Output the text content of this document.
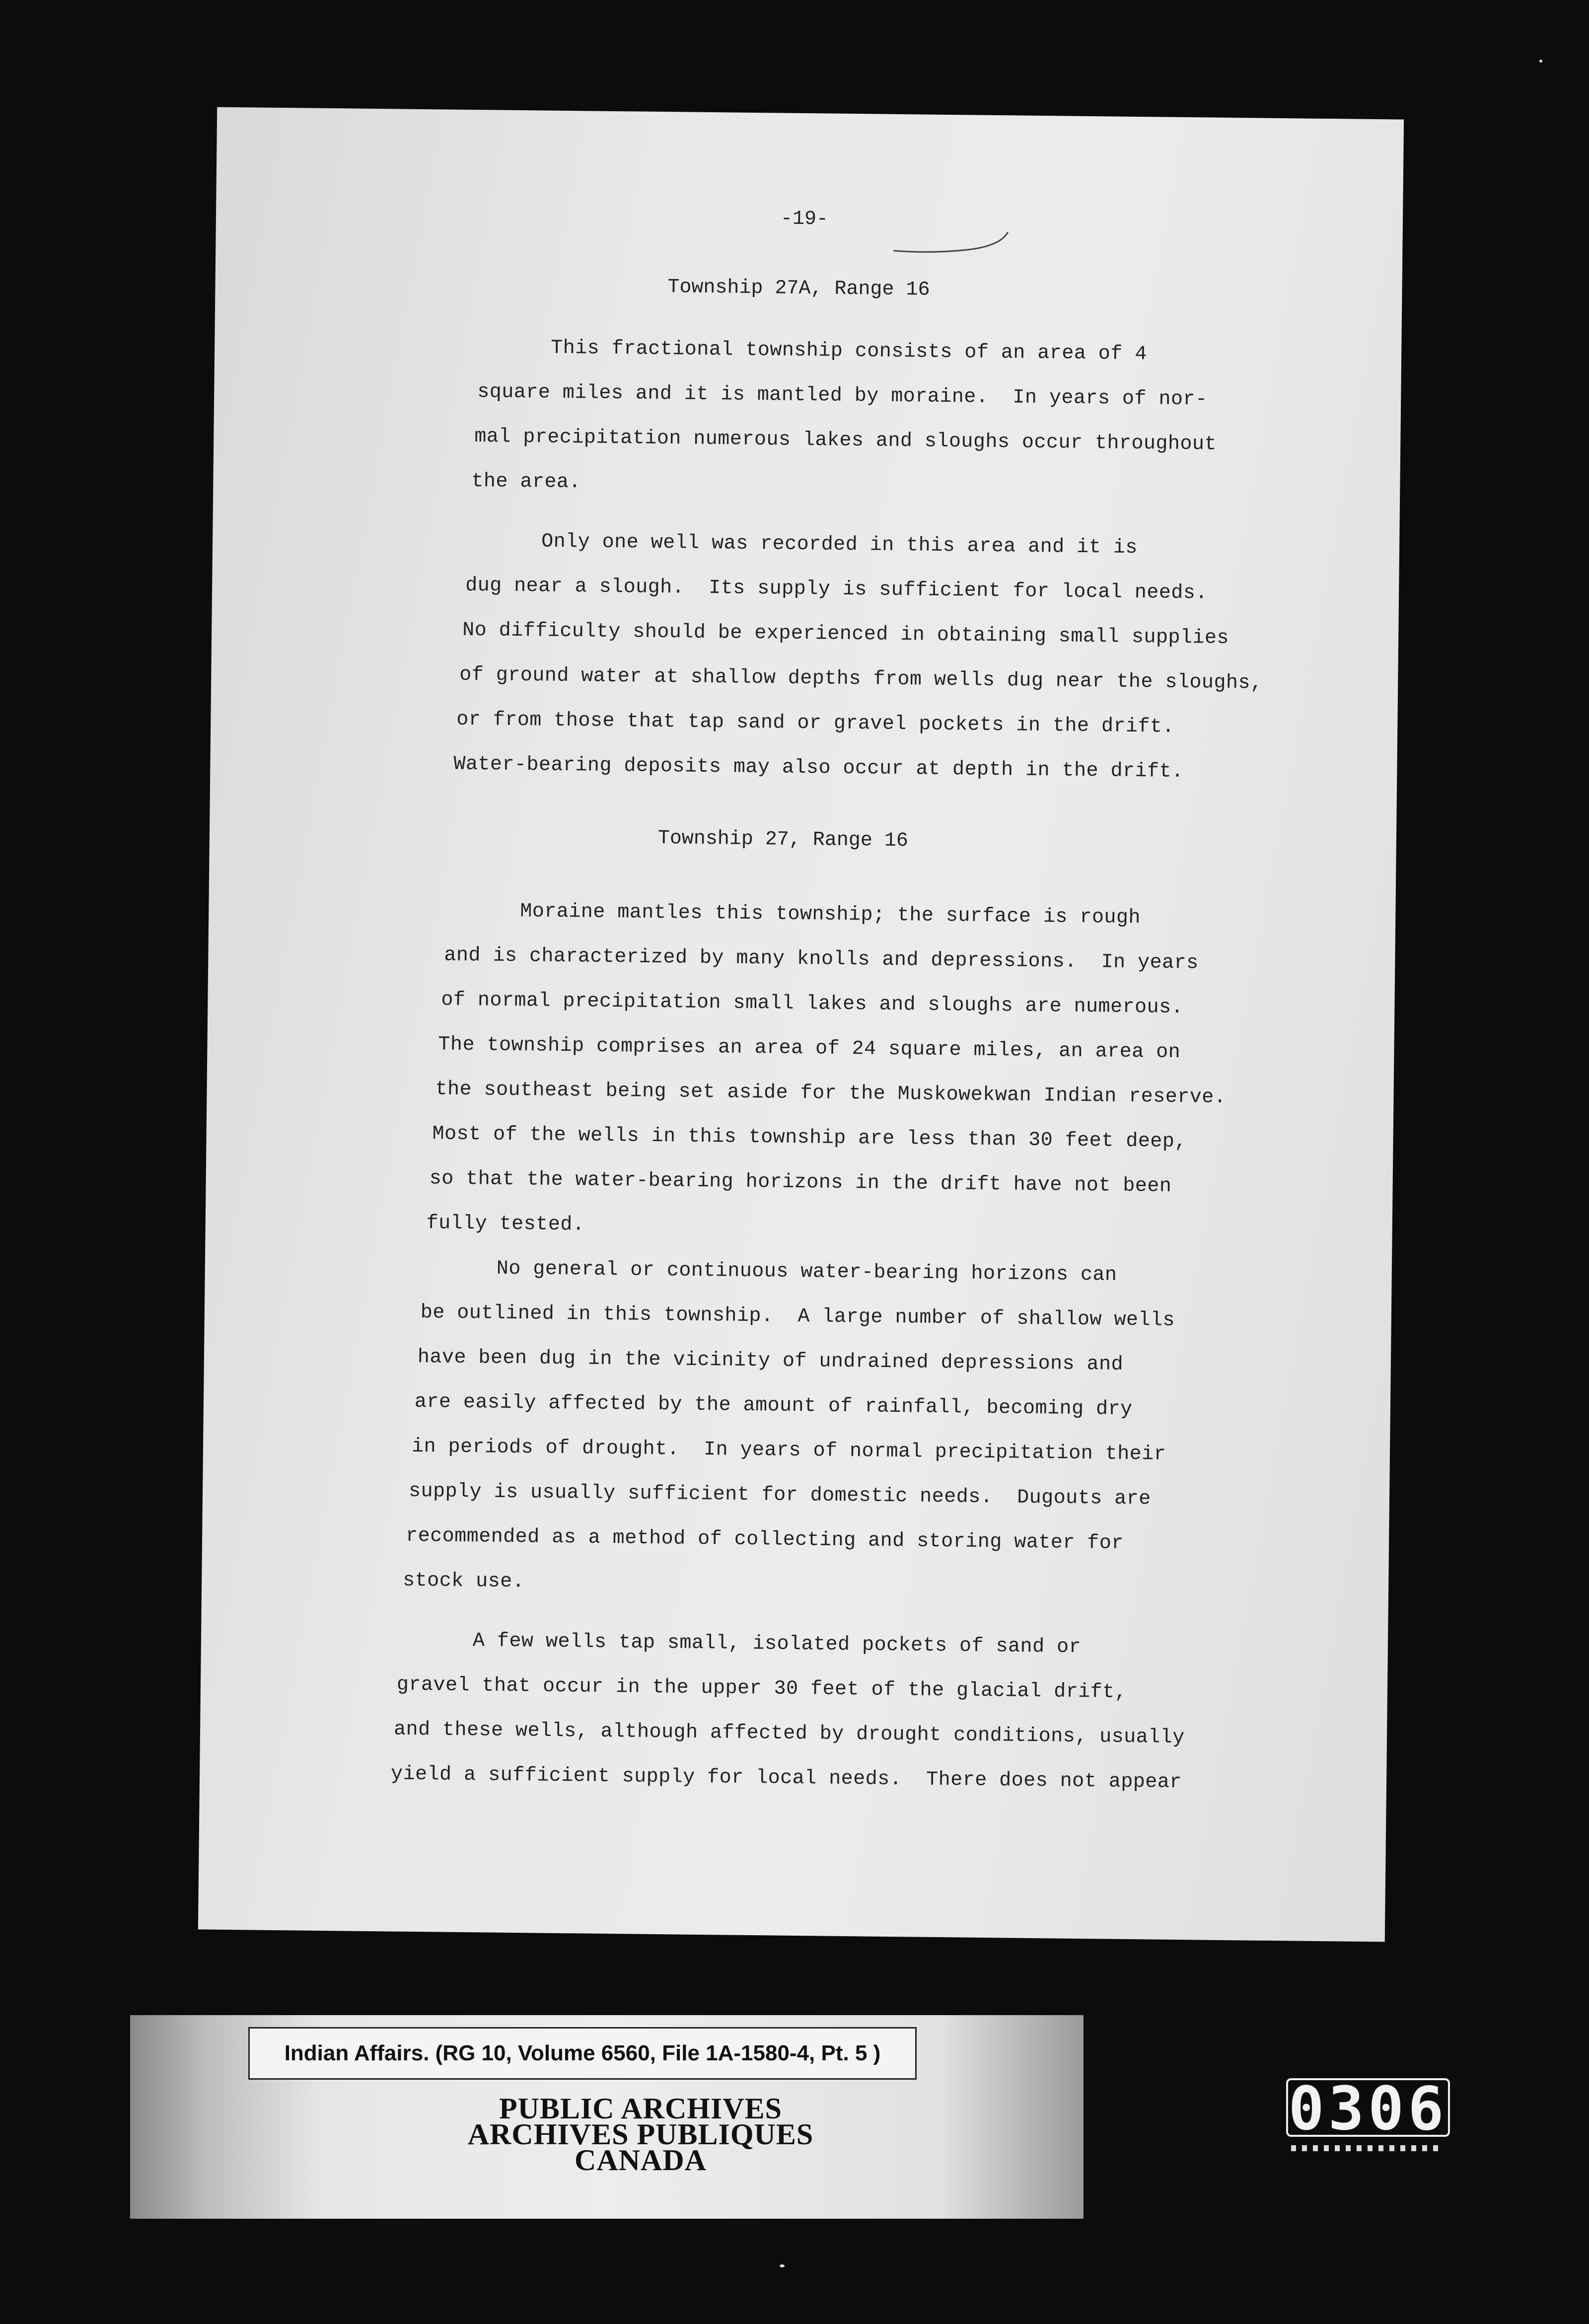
-19-
Township 27A, Range 16
This fractional township consists of an area of 4
square miles and it is mantled by moraine.  In years of nor-
mal precipitation numerous lakes and sloughs occur throughout
the area.
Only one well was recorded in this area and it is
dug near a slough.  Its supply is sufficient for local needs.
No difficulty should be experienced in obtaining small supplies
of ground water at shallow depths from wells dug near the sloughs,
or from those that tap sand or gravel pockets in the drift.
Water-bearing deposits may also occur at depth in the drift.
Township 27, Range 16
Moraine mantles this township; the surface is rough
and is characterized by many knolls and depressions.  In years
of normal precipitation small lakes and sloughs are numerous.
The township comprises an area of 24 square miles, an area on
the southeast being set aside for the Muskowekwan Indian reserve.
Most of the wells in this township are less than 30 feet deep,
so that the water-bearing horizons in the drift have not been
fully tested.
No general or continuous water-bearing horizons can
be outlined in this township.  A large number of shallow wells
have been dug in the vicinity of undrained depressions and
are easily affected by the amount of rainfall, becoming dry
in periods of drought.  In years of normal precipitation their
supply is usually sufficient for domestic needs.  Dugouts are
recommended as a method of collecting and storing water for
stock use.
A few wells tap small, isolated pockets of sand or
gravel that occur in the upper 30 feet of the glacial drift,
and these wells, although affected by drought conditions, usually
yield a sufficient supply for local needs.  There does not appear
Indian Affairs. (RG 10, Volume 6560, File 1A-1580-4, Pt. 5 )
PUBLIC ARCHIVES
ARCHIVES PUBLIQUES
CANADA
0306
